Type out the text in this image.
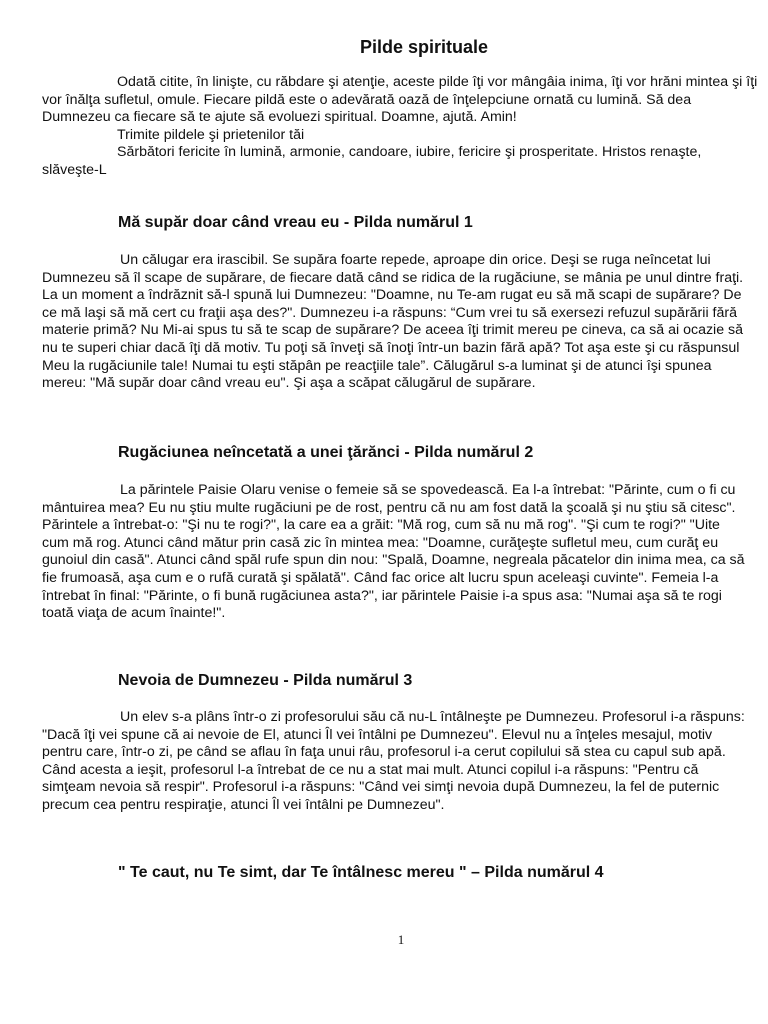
Pilde spirituale

Odată citite, în linişte, cu răbdare şi atenţie, aceste pilde îţi vor mângâia inima, îţi vor hrăni mintea şi îţi vor înălţa sufletul, omule. Fiecare pildă este o adevărată oază de înţelepciune ornată cu lumină. Să dea Dumnezeu ca fiecare să te ajute să evoluezi spiritual. Doamne, ajută. Amin!

Trimite pildele şi prietenilor tăi

Sărbători fericite în lumină, armonie, candoare, iubire, fericire şi prosperitate. Hristos renaşte, slăveşte-L

Mă supăr doar când vreau eu - Pilda numărul 1

Un călugar era irascibil. Se supăra foarte repede, aproape din orice. Deşi se ruga neîncetat lui Dumnezeu să îl scape de supărare, de fiecare dată când se ridica de la rugăciune, se mânia pe unul dintre fraţi. La un moment a îndrăznit să-l spună lui Dumnezeu: "Doamne, nu Te-am rugat eu să mă scapi de supărare? De ce mă laşi să mă cert cu fraţii aşa des?". Dumnezeu i-a răspuns: “Cum vrei tu să exersezi refuzul supărării fără materie primă? Nu Mi-ai spus tu să te scap de supărare? De aceea îţi trimit mereu pe cineva, ca să ai ocazie să nu te superi chiar dacă îţi dă motiv. Tu poţi să înveţi să înoţi într-un bazin fără apă? Tot aşa este şi cu răspunsul Meu la rugăciunile tale! Numai tu eşti stăpân pe reacţiile tale”. Călugărul s-a luminat şi de atunci îşi spunea mereu: "Mă supăr doar când vreau eu". Şi aşa a scăpat călugărul de supărare.

Rugăciunea neîncetată a unei ţărănci - Pilda numărul 2

La părintele Paisie Olaru venise o femeie să se spovedească. Ea l-a întrebat: "Părinte, cum o fi cu mântuirea mea? Eu nu ştiu multe rugăciuni pe de rost, pentru că nu am fost dată la şcoală şi nu ştiu să citesc". Părintele a întrebat-o: "Şi nu te rogi?", la care ea a grăit: "Mă rog, cum să nu mă rog". "Şi cum te rogi?" "Uite cum mă rog. Atunci când mătur prin casă zic în mintea mea: "Doamne, curăţeşte sufletul meu, cum curăţ eu gunoiul din casă". Atunci când spăl rufe spun din nou: "Spală, Doamne, negreala păcatelor din inima mea, ca să fie frumoasă, aşa cum e o rufă curată şi spălată". Când fac orice alt lucru spun aceleaşi cuvinte". Femeia l-a întrebat în final: "Părinte, o fi bună rugăciunea asta?", iar părintele Paisie i-a spus asa: "Numai aşa să te rogi toată viaţa de acum înainte!".

Nevoia de Dumnezeu - Pilda numărul 3

Un elev s-a plâns într-o zi profesorului său că nu-L întâlneşte pe Dumnezeu. Profesorul i-a răspuns: "Dacă îţi vei spune că ai nevoie de El, atunci Îl vei întâlni pe Dumnezeu". Elevul nu a înţeles mesajul, motiv pentru care, într-o zi, pe când se aflau în faţa unui râu, profesorul i-a cerut copilului să stea cu capul sub apă. Când acesta a ieşit, profesorul l-a întrebat de ce nu a stat mai mult. Atunci copilul i-a răspuns: "Pentru că simţeam nevoia să respir". Profesorul i-a răspuns: "Când vei simţi nevoia după Dumnezeu, la fel de puternic precum cea pentru respiraţie, atunci Îl vei întâlni pe Dumnezeu".

" Te caut, nu Te simt, dar Te întâlnesc mereu " – Pilda numărul 4
1
